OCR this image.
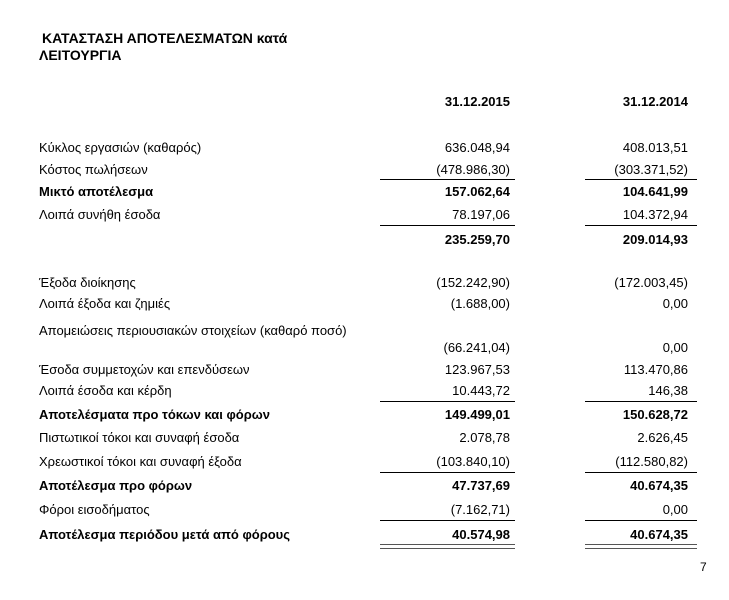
ΚΑΤΑΣΤΑΣΗ ΑΠΟΤΕΛΕΣΜΑΤΩΝ κατά
ΛΕΙΤΟΥΡΓΙΑ
31.12.2015	31.12.2014
Κύκλος εργασιών (καθαρός)	636.048,94	408.013,51
Κόστος πωλήσεων	(478.986,30)	(303.371,52)
Μικτό αποτέλεσμα	157.062,64	104.641,99
Λοιπά συνήθη έσοδα	78.197,06	104.372,94
235.259,70	209.014,93
Έξοδα διοίκησης	(152.242,90)	(172.003,45)
Λοιπά έξοδα και ζημιές	(1.688,00)	0,00
Απομειώσεις περιουσιακών στοιχείων (καθαρό ποσό)
(66.241,04)	0,00
Έσοδα συμμετοχών και επενδύσεων	123.967,53	113.470,86
Λοιπά έσοδα και κέρδη	10.443,72	146,38
Αποτελέσματα προ τόκων και φόρων	149.499,01	150.628,72
Πιστωτικοί τόκοι και συναφή έσοδα	2.078,78	2.626,45
Χρεωστικοί τόκοι και συναφή έξοδα	(103.840,10)	(112.580,82)
Αποτέλεσμα προ φόρων	47.737,69	40.674,35
Φόροι εισοδήματος	(7.162,71)	0,00
Αποτέλεσμα περιόδου μετά από φόρους	40.574,98	40.674,35
7
